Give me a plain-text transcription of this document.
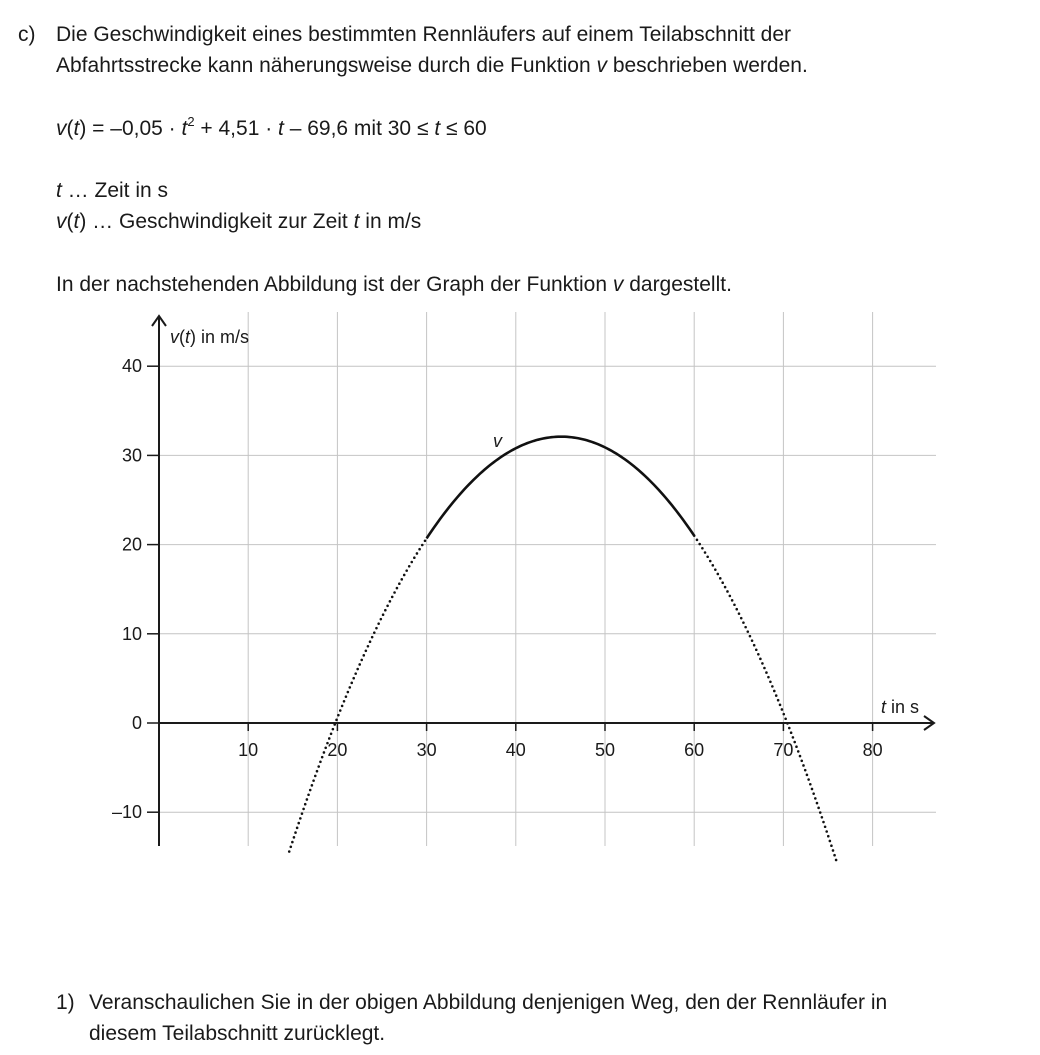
c) Die Geschwindigkeit eines bestimmten Rennläufers auf einem Teilabschnitt der
Abfahrtsstrecke kann näherungsweise durch die Funktion v beschrieben werden.
$v(t) = -0,05 \cdot t^2 + 4,51 \cdot t - 69,6$ mit 30 ≤ t ≤ 60
t … Zeit in s
v(t) … Geschwindigkeit zur Zeit t in m/s
In der nachstehenden Abbildung ist der Graph der Funktion v dargestellt.
10	20	30	40	50	60	70	80
40
30
20
10
0
–10
v(t) in m/s
t in s
v
1) Veranschaulichen Sie in der obigen Abbildung denjenigen Weg, den der Rennläufer in
diesem Teilabschnitt zurücklegt.
